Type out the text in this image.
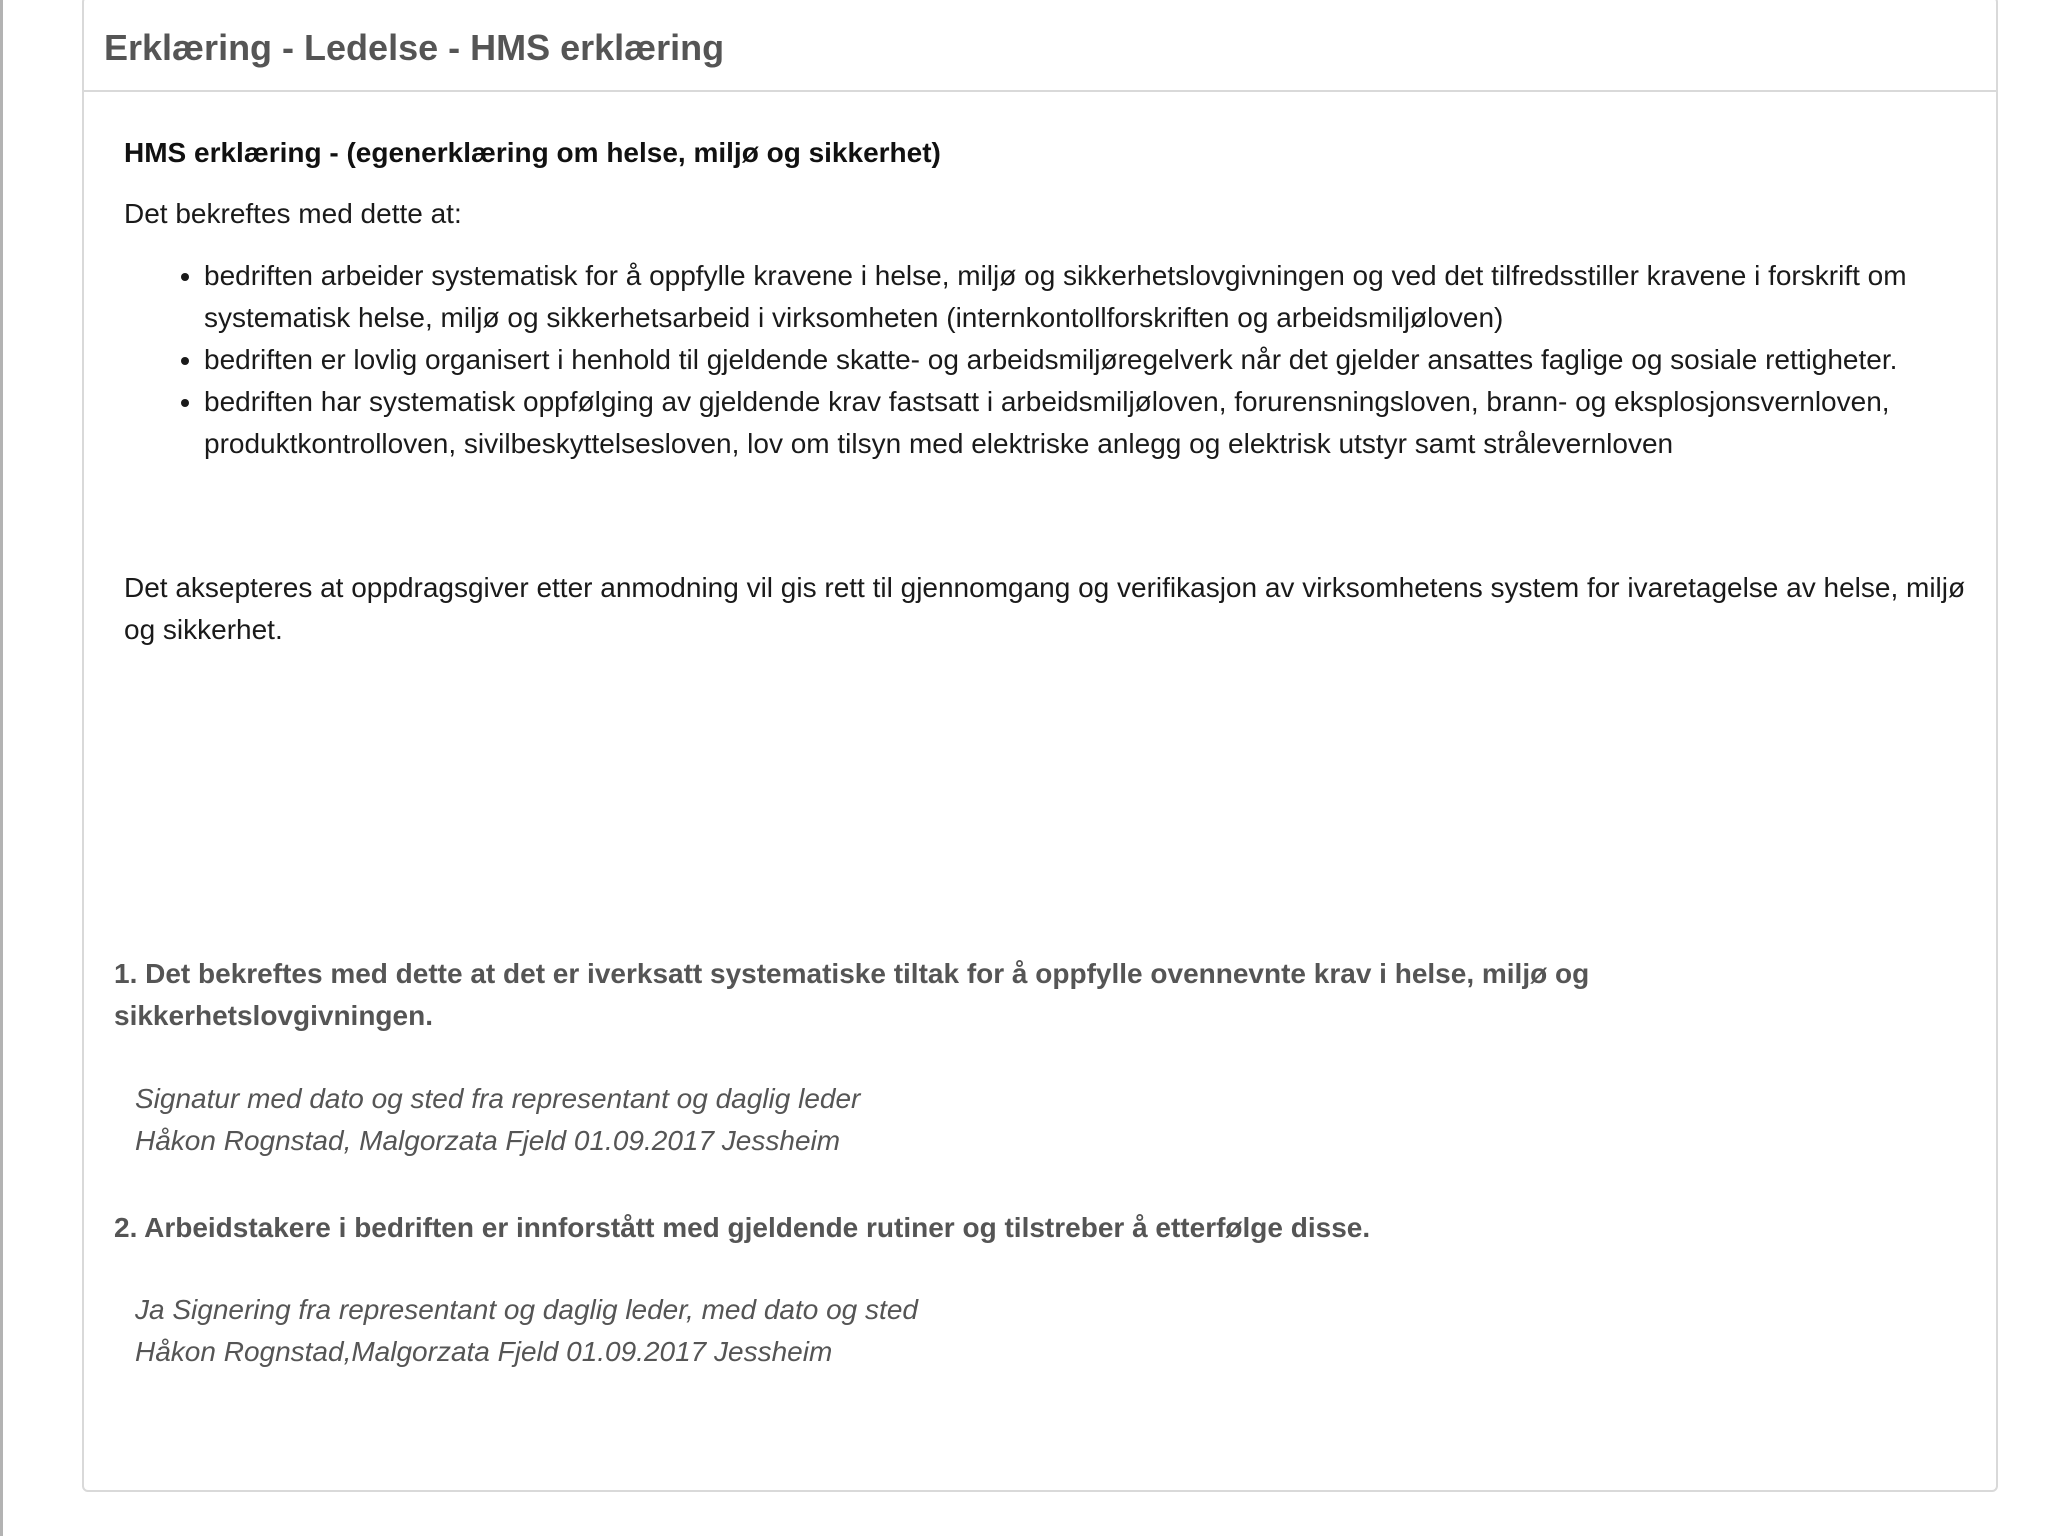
Erklæring - Ledelse - HMS erklæring

HMS erklæring - (egenerklæring om helse, miljø og sikkerhet)

Det bekreftes med dette at:

• bedriften arbeider systematisk for å oppfylle kravene i helse, miljø og sikkerhetslovgivningen og ved det tilfredsstiller kravene i forskrift om systematisk helse, miljø og sikkerhetsarbeid i virksomheten (internkontollforskriften og arbeidsmiljøloven)
• bedriften er lovlig organisert i henhold til gjeldende skatte- og arbeidsmiljøregelverk når det gjelder ansattes faglige og sosiale rettigheter.
• bedriften har systematisk oppfølging av gjeldende krav fastsatt i arbeidsmiljøloven, forurensningsloven, brann- og eksplosjonsvernloven, produktkontrolloven, sivilbeskyttelsesloven, lov om tilsyn med elektriske anlegg og elektrisk utstyr samt strålevernloven

Det aksepteres at oppdragsgiver etter anmodning vil gis rett til gjennomgang og verifikasjon av virksomhetens system for ivaretagelse av helse, miljø og sikkerhet.

1. Det bekreftes med dette at det er iverksatt systematiske tiltak for å oppfylle ovennevnte krav i helse, miljø og sikkerhetslovgivningen.

Signatur med dato og sted fra representant og daglig leder
Håkon Rognstad, Malgorzata Fjeld 01.09.2017 Jessheim

2. Arbeidstakere i bedriften er innforstått med gjeldende rutiner og tilstreber å etterfølge disse.

Ja Signering fra representant og daglig leder, med dato og sted
Håkon Rognstad,Malgorzata Fjeld 01.09.2017 Jessheim
